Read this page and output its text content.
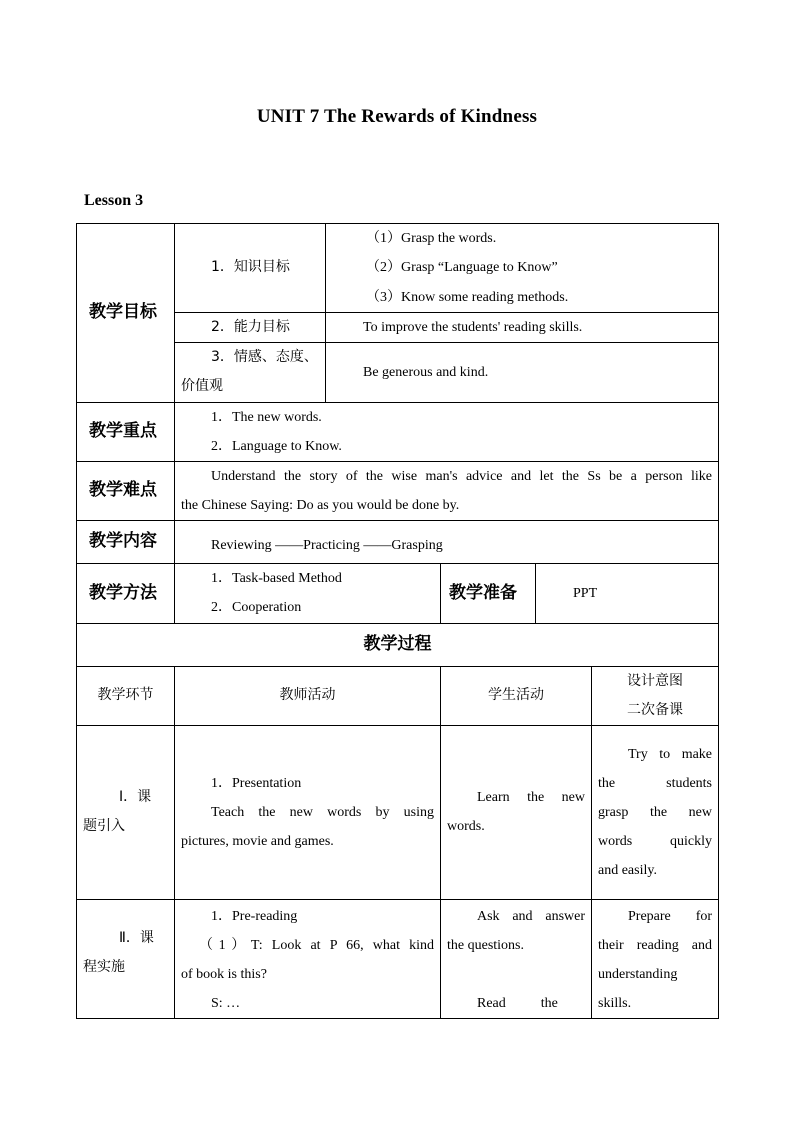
UNIT 7 The Rewards of Kindness
Lesson 3
教学目标	1．知识目标	（1）Grasp the words.
（2）Grasp “Language to Know”
（3）Know some reading methods.			

	2．能力目标	To improve the students' reading skills.			

	3．情感、态度、
价值观	Be generous and kind.			
教学重点	1．The new words.
2．Language to Know.				

教学难点	Understand the story of the wise man's advice and let the Ss be a person like
the Chinese Saying: Do as you would be done by.				

教学内容	Reviewing ——Practicing ——Grasping				
教学方法	1．Task-based Method
2．Cooperation		教学准备	PPT	
教学过程					
教学环节	教师活动		学生活动		设计意图
二次备课

Ⅰ．课
题引入	1．Presentation
Teach the new words by using
pictures, movie and games.		Learn the new
words.		Try to make
the students
grasp the new
words quickly
and easily.

Ⅱ．课
程实施	1．Pre-reading
（1）T: Look at P 66, what kind
of book is this?
S: …		Ask and answer
the questions.
Read          the		Prepare for
their reading and
understanding
skills.
